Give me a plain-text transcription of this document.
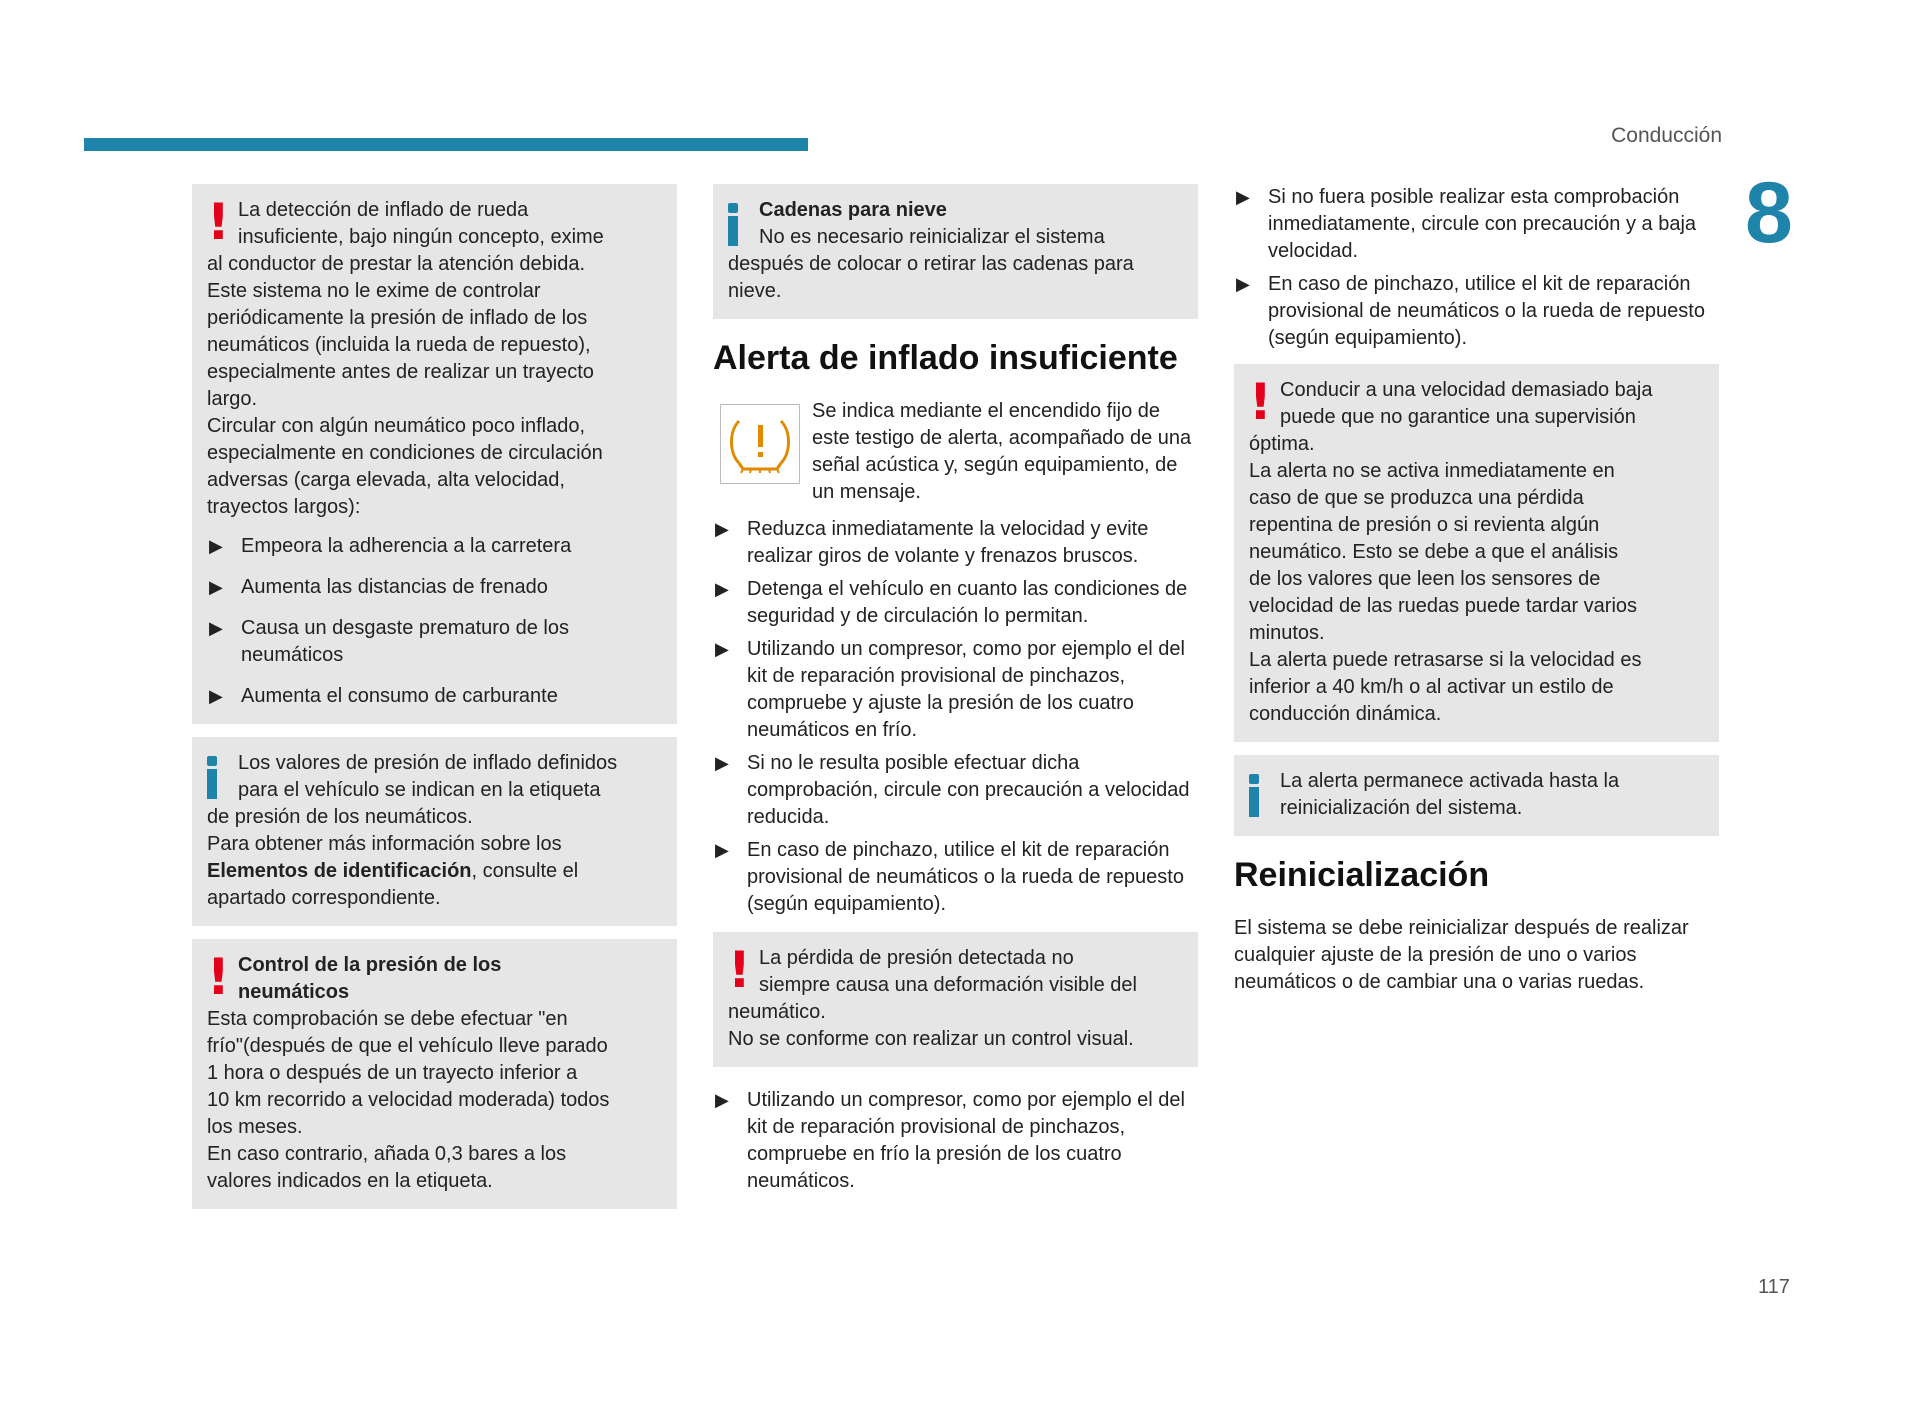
Conducción
8
117
! La detección de inflado de rueda
insuficiente, bajo ningún concepto, exime
al conductor de prestar la atención debida.
Este sistema no le exime de controlar
periódicamente la presión de inflado de los
neumáticos (incluida la rueda de repuesto),
especialmente antes de realizar un trayecto
largo.
Circular con algún neumático poco inflado,
especialmente en condiciones de circulación
adversas (carga elevada, alta velocidad,
trayectos largos):
▶ Empeora la adherencia a la carretera
▶ Aumenta las distancias de frenado
▶ Causa un desgaste prematuro de los neumáticos
▶ Aumenta el consumo de carburante
Los valores de presión de inflado definidos
para el vehículo se indican en la etiqueta
de presión de los neumáticos.
Para obtener más información sobre los
Elementos de identificación, consulte el
apartado correspondiente.
! Control de la presión de los
neumáticos
Esta comprobación se debe efectuar "en
frío"(después de que el vehículo lleve parado
1 hora o después de un trayecto inferior a
10 km recorrido a velocidad moderada) todos
los meses.
En caso contrario, añada 0,3 bares a los
valores indicados en la etiqueta.
Cadenas para nieve
No es necesario reinicializar el sistema
después de colocar o retirar las cadenas para
nieve.
Alerta de inflado insuficiente
Se indica mediante el encendido fijo de este testigo de alerta, acompañado de una señal acústica y, según equipamiento, de un mensaje.
▶ Reduzca inmediatamente la velocidad y evite realizar giros de volante y frenazos bruscos.
▶ Detenga el vehículo en cuanto las condiciones de seguridad y de circulación lo permitan.
▶ Utilizando un compresor, como por ejemplo el del kit de reparación provisional de pinchazos, compruebe y ajuste la presión de los cuatro neumáticos en frío.
▶ Si no le resulta posible efectuar dicha comprobación, circule con precaución a velocidad reducida.
▶ En caso de pinchazo, utilice el kit de reparación provisional de neumáticos o la rueda de repuesto (según equipamiento).
! La pérdida de presión detectada no
siempre causa una deformación visible del
neumático.
No se conforme con realizar un control visual.
▶ Utilizando un compresor, como por ejemplo el del kit de reparación provisional de pinchazos, compruebe en frío la presión de los cuatro neumáticos.
▶ Si no fuera posible realizar esta comprobación inmediatamente, circule con precaución y a baja velocidad.
▶ En caso de pinchazo, utilice el kit de reparación provisional de neumáticos o la rueda de repuesto (según equipamiento).
! Conducir a una velocidad demasiado baja
puede que no garantice una supervisión
óptima.
La alerta no se activa inmediatamente en
caso de que se produzca una pérdida
repentina de presión o si revienta algún
neumático. Esto se debe a que el análisis
de los valores que leen los sensores de
velocidad de las ruedas puede tardar varios
minutos.
La alerta puede retrasarse si la velocidad es
inferior a 40 km/h o al activar un estilo de
conducción dinámica.
La alerta permanece activada hasta la
reinicialización del sistema.
Reinicialización
El sistema se debe reinicializar después de realizar cualquier ajuste de la presión de uno o varios neumáticos o de cambiar una o varias ruedas.
